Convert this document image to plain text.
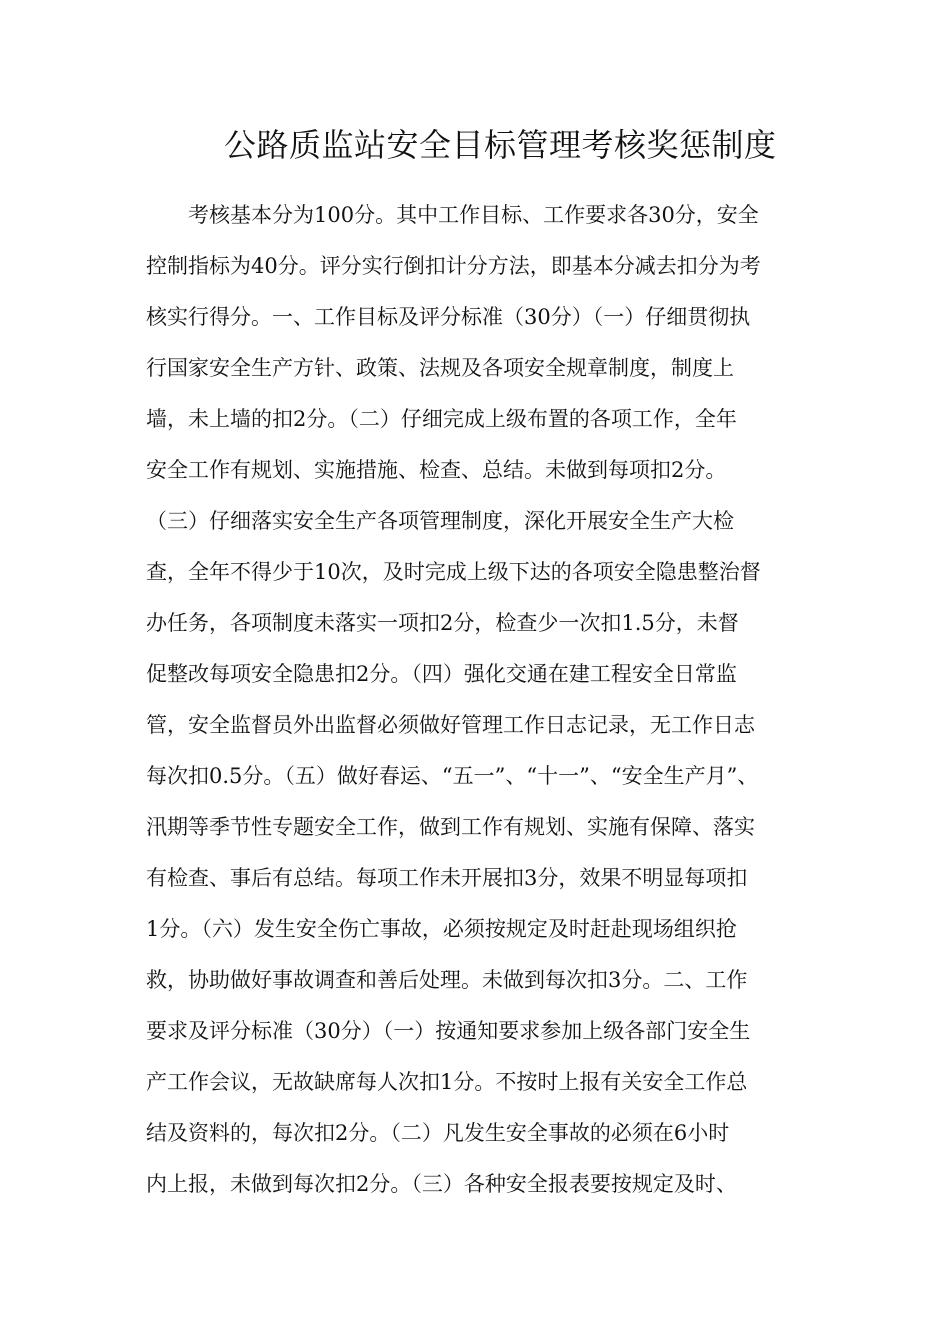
公路质监站安全目标管理考核奖惩制度
考核基本分为100分。其中工作目标、工作要求各30分，安全
控制指标为40分。评分实行倒扣计分方法，即基本分减去扣分为考
核实行得分。一、工作目标及评分标准（30分）（一）仔细贯彻执
行国家安全生产方针、政策、法规及各项安全规章制度，制度上
墙，未上墙的扣2分。（二）仔细完成上级布置的各项工作，全年
安全工作有规划、实施措施、检查、总结。未做到每项扣2分。
（三）仔细落实安全生产各项管理制度，深化开展安全生产大检
查，全年不得少于10次，及时完成上级下达的各项安全隐患整治督
办任务，各项制度未落实一项扣2分，检查少一次扣1.5分，未督
促整改每项安全隐患扣2分。（四）强化交通在建工程安全日常监
管，安全监督员外出监督必须做好管理工作日志记录，无工作日志
每次扣0.5分。（五）做好春运、“五一”、“十一”、“安全生产月”、
汛期等季节性专题安全工作，做到工作有规划、实施有保障、落实
有检查、事后有总结。每项工作未开展扣3分，效果不明显每项扣
1分。（六）发生安全伤亡事故，必须按规定及时赶赴现场组织抢
救，协助做好事故调查和善后处理。未做到每次扣3分。二、工作
要求及评分标准（30分）（一）按通知要求参加上级各部门安全生
产工作会议，无故缺席每人次扣1分。不按时上报有关安全工作总
结及资料的，每次扣2分。（二）凡发生安全事故的必须在6小时
内上报，未做到每次扣2分。（三）各种安全报表要按规定及时、
